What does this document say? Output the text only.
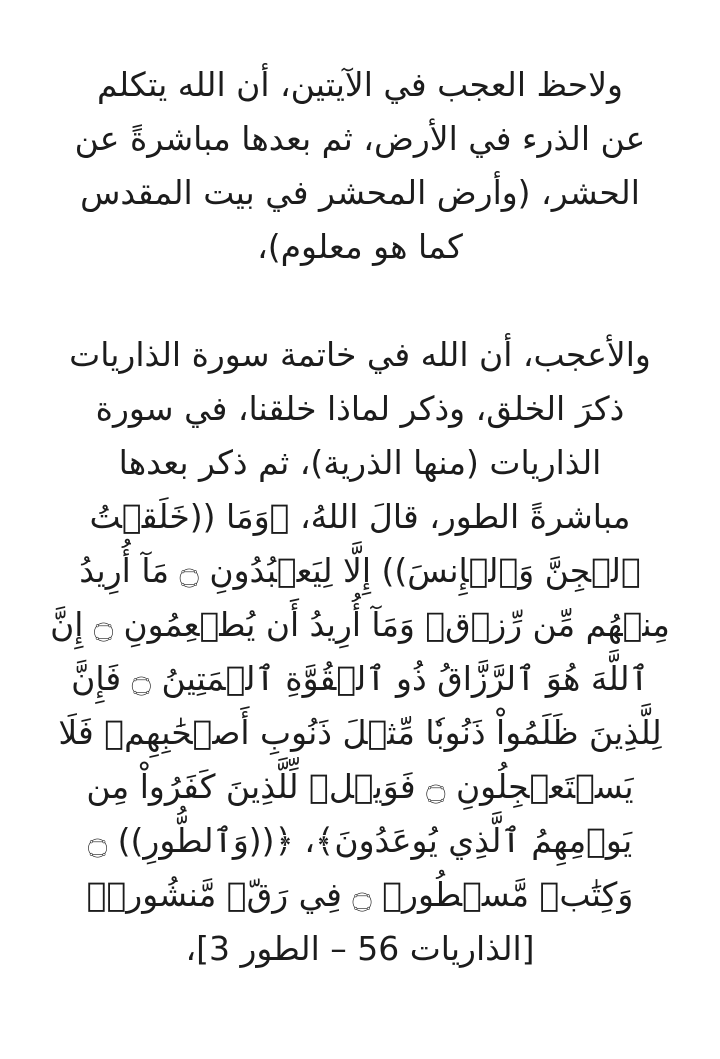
ولاحظ العجب في الآيتين، أن الله يتكلم
عن الذرء في الأرض، ثم بعدها مباشرةً عن
الحشر، (وأرض المحشر في بيت المقدس
كما هو معلوم)،

والأعجب، أن الله في خاتمة سورة الذاريات
ذكرَ الخلق، وذكر لماذا خلقنا، في سورة
الذاريات (منها الذرية)، ثم ذكر بعدها
مباشرةً الطور، قالَ اللهُ، ﴿وَمَا ((خَلَقۡتُ
ٱلۡجِنَّ وَٱلۡإِنسَ)) إِلَّا لِيَعۡبُدُونِ ۝ مَآ أُرِيدُ
مِنۡهُم مِّن رِّزۡقٖ وَمَآ أُرِيدُ أَن يُطۡعِمُونِ ۝ إِنَّ
ٱللَّهَ هُوَ ٱلرَّزَّاقُ ذُو ٱلۡقُوَّةِ ٱلۡمَتِينُ ۝ فَإِنَّ
لِلَّذِينَ ظَلَمُواْ ذَنُوبٗا مِّثۡلَ ذَنُوبِ أَصۡحَٰبِهِمۡ فَلَا
يَسۡتَعۡجِلُونِ ۝ فَوَيۡلٞ لِّلَّذِينَ كَفَرُواْ مِن
يَوۡمِهِمُ ٱلَّذِي يُوعَدُونَ﴾، ﴿((وَٱلطُّورِ)) ۝
وَكِتَٰبٖ مَّسۡطُورٖ ۝ فِي رَقّٖ مَّنشُورٖ﴾
[الذاريات 56 – الطور 3]،
